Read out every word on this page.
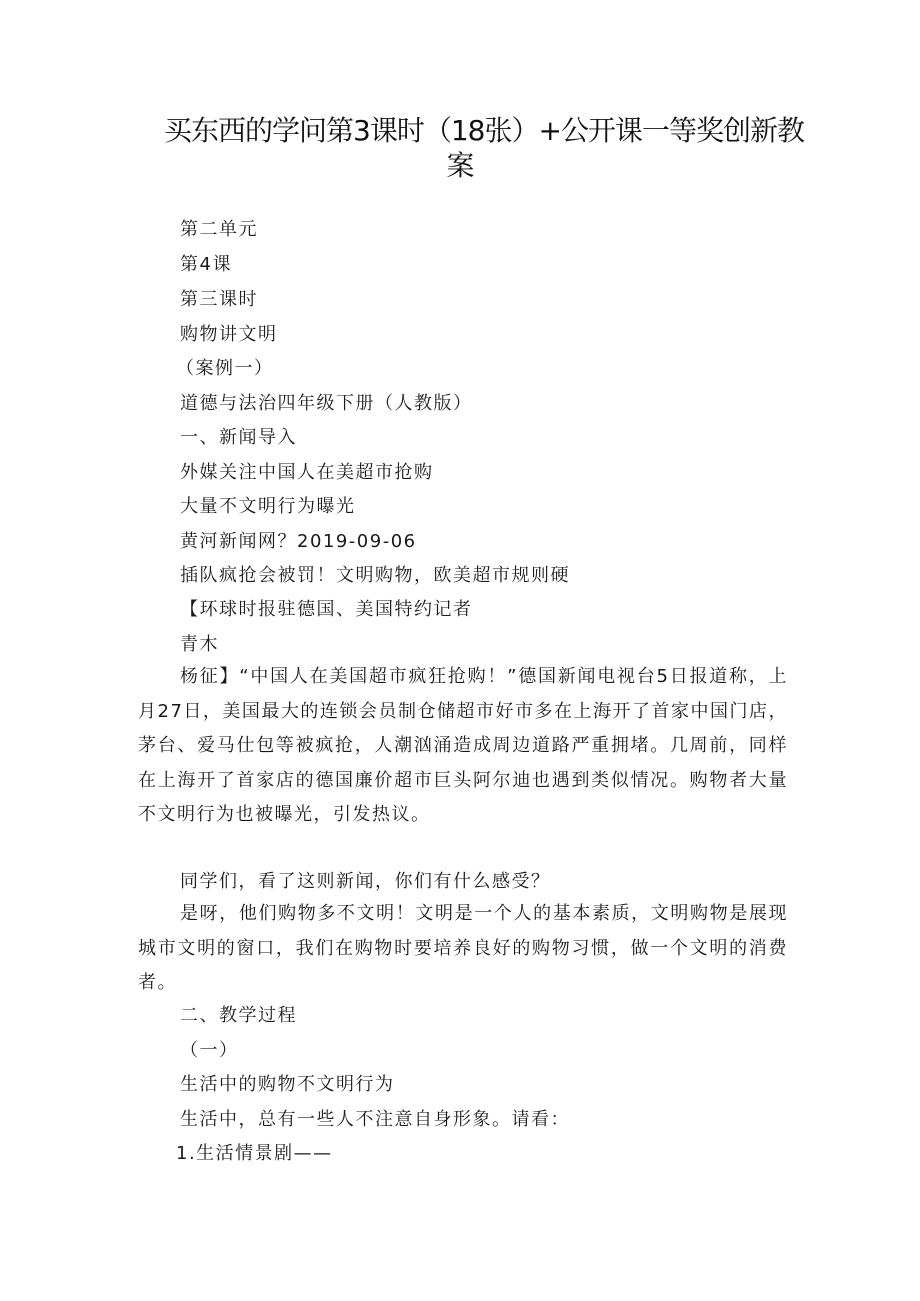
买东西的学问第3课时（18张）+公开课一等奖创新教
案
第二单元
第4课
第三课时
购物讲文明
（案例一）
道德与法治四年级下册（人教版）
一、新闻导入
外媒关注中国人在美超市抢购
大量不文明行为曝光
黄河新闻网？2019-09-06
插队疯抢会被罚！文明购物，欧美超市规则硬
【环球时报驻德国、美国特约记者
青木
杨征】“中国人在美国超市疯狂抢购！”德国新闻电视台5日报道称，上月27日，美国最大的连锁会员制仓储超市好市多在上海开了首家中国门店，茅台、爱马仕包等被疯抢，人潮汹涌造成周边道路严重拥堵。几周前，同样在上海开了首家店的德国廉价超市巨头阿尔迪也遇到类似情况。购物者大量不文明行为也被曝光，引发热议。
同学们，看了这则新闻，你们有什么感受？
是呀，他们购物多不文明！文明是一个人的基本素质，文明购物是展现城市文明的窗口，我们在购物时要培养良好的购物习惯，做一个文明的消费者。
二、教学过程
（一）
生活中的购物不文明行为
生活中，总有一些人不注意自身形象。请看：
1.生活情景剧——
